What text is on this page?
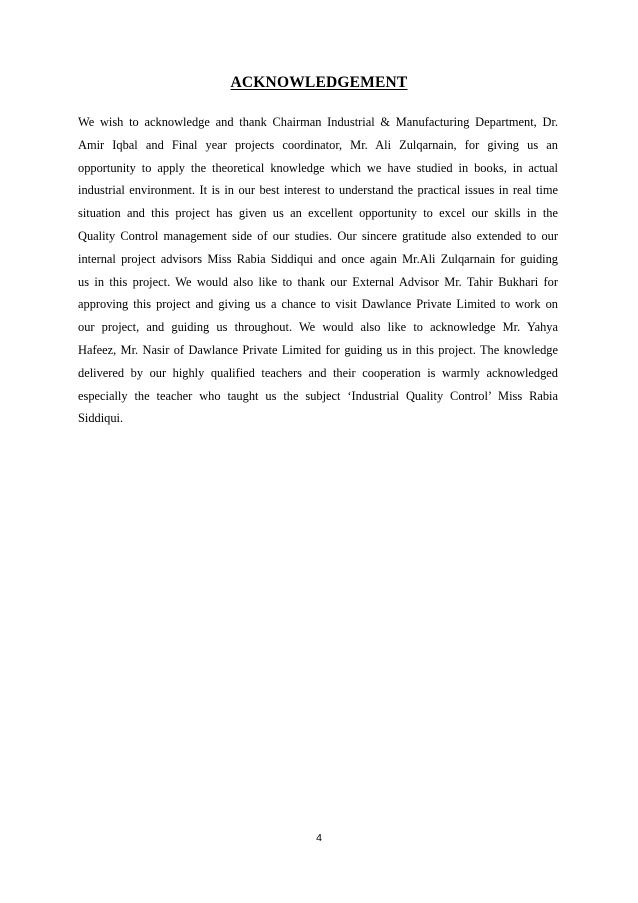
ACKNOWLEDGEMENT
We wish to acknowledge and thank Chairman Industrial & Manufacturing Department, Dr.
Amir Iqbal and Final year projects coordinator, Mr. Ali Zulqarnain, for giving us an
opportunity to apply the theoretical knowledge which we have studied in books, in actual
industrial environment. It is in our best interest to understand the practical issues in real time
situation and this project has given us an excellent opportunity to excel our skills in the
Quality Control management side of our studies. Our sincere gratitude also extended to our
internal project advisors Miss Rabia Siddiqui and once again Mr.Ali Zulqarnain for guiding
us in this project. We would also like to thank our External Advisor Mr. Tahir Bukhari for
approving this project and giving us a chance to visit Dawlance Private Limited to work on
our project, and guiding us throughout. We would also like to acknowledge Mr. Yahya
Hafeez, Mr. Nasir of Dawlance Private Limited for guiding us in this project. The knowledge
delivered by our highly qualified teachers and their cooperation is warmly acknowledged
especially the teacher who taught us the subject ‘Industrial Quality Control’ Miss Rabia
Siddiqui.
4
